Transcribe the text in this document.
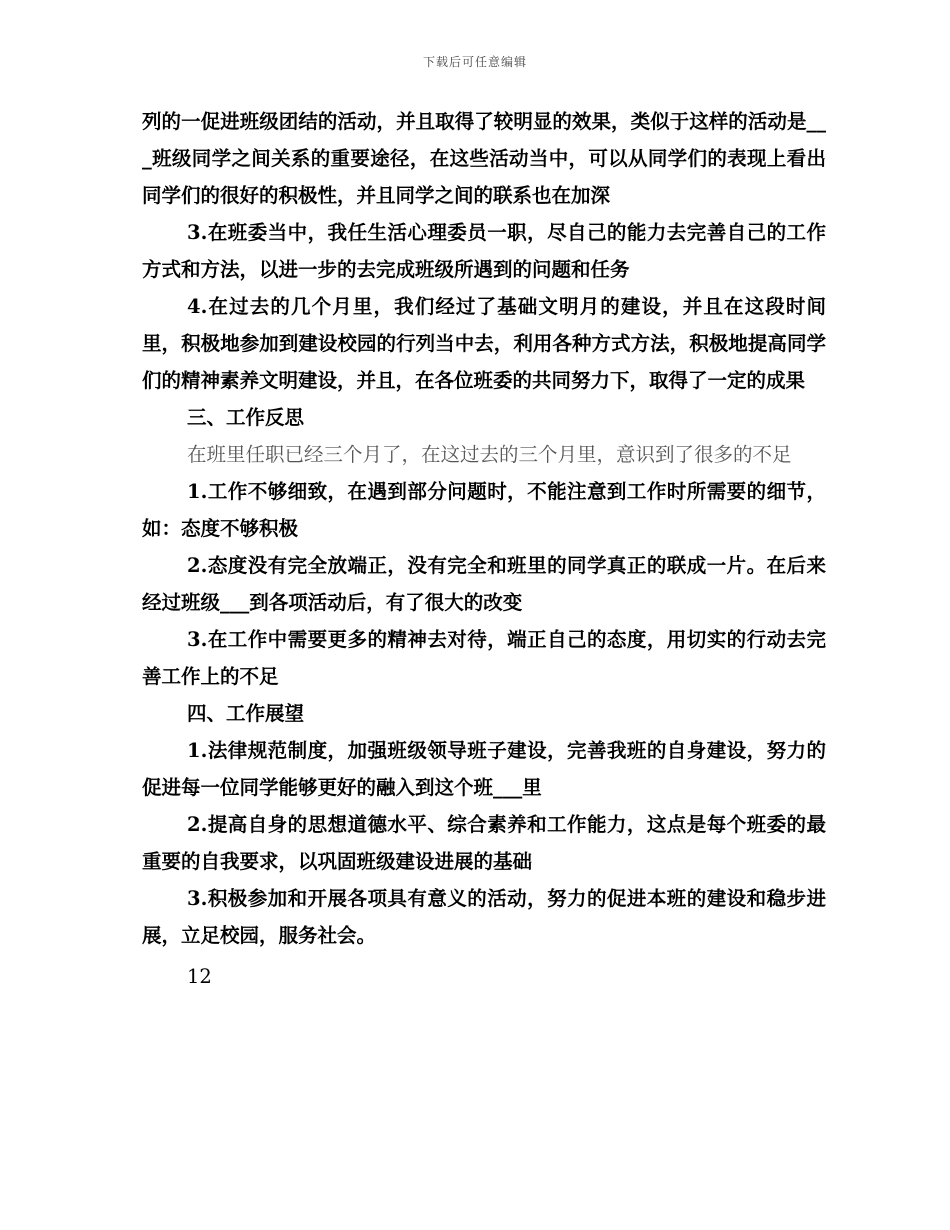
下载后可任意编辑

列的一促进班级团结的活动，并且取得了较明显的效果，类似于这样的活动是___班级同学之间关系的重要途径，在这些活动当中，可以从同学们的表现上看出同学们的很好的积极性，并且同学之间的联系也在加深

3.在班委当中，我任生活心理委员一职，尽自己的能力去完善自己的工作方式和方法，以进一步的去完成班级所遇到的问题和任务

4.在过去的几个月里，我们经过了基础文明月的建设，并且在这段时间里，积极地参加到建设校园的行列当中去，利用各种方式方法，积极地提高同学们的精神素养文明建设，并且，在各位班委的共同努力下，取得了一定的成果

三、工作反思

在班里任职已经三个月了，在这过去的三个月里，意识到了很多的不足

1.工作不够细致，在遇到部分问题时，不能注意到工作时所需要的细节，如：态度不够积极

2.态度没有完全放端正，没有完全和班里的同学真正的联成一片。在后来经过班级___到各项活动后，有了很大的改变

3.在工作中需要更多的精神去对待，端正自己的态度，用切实的行动去完善工作上的不足

四、工作展望

1.法律规范制度，加强班级领导班子建设，完善我班的自身建设，努力的促进每一位同学能够更好的融入到这个班___里

2.提高自身的思想道德水平、综合素养和工作能力，这点是每个班委的最重要的自我要求，以巩固班级建设进展的基础

3.积极参加和开展各项具有意义的活动，努力的促进本班的建设和稳步进展，立足校园，服务社会。

12
